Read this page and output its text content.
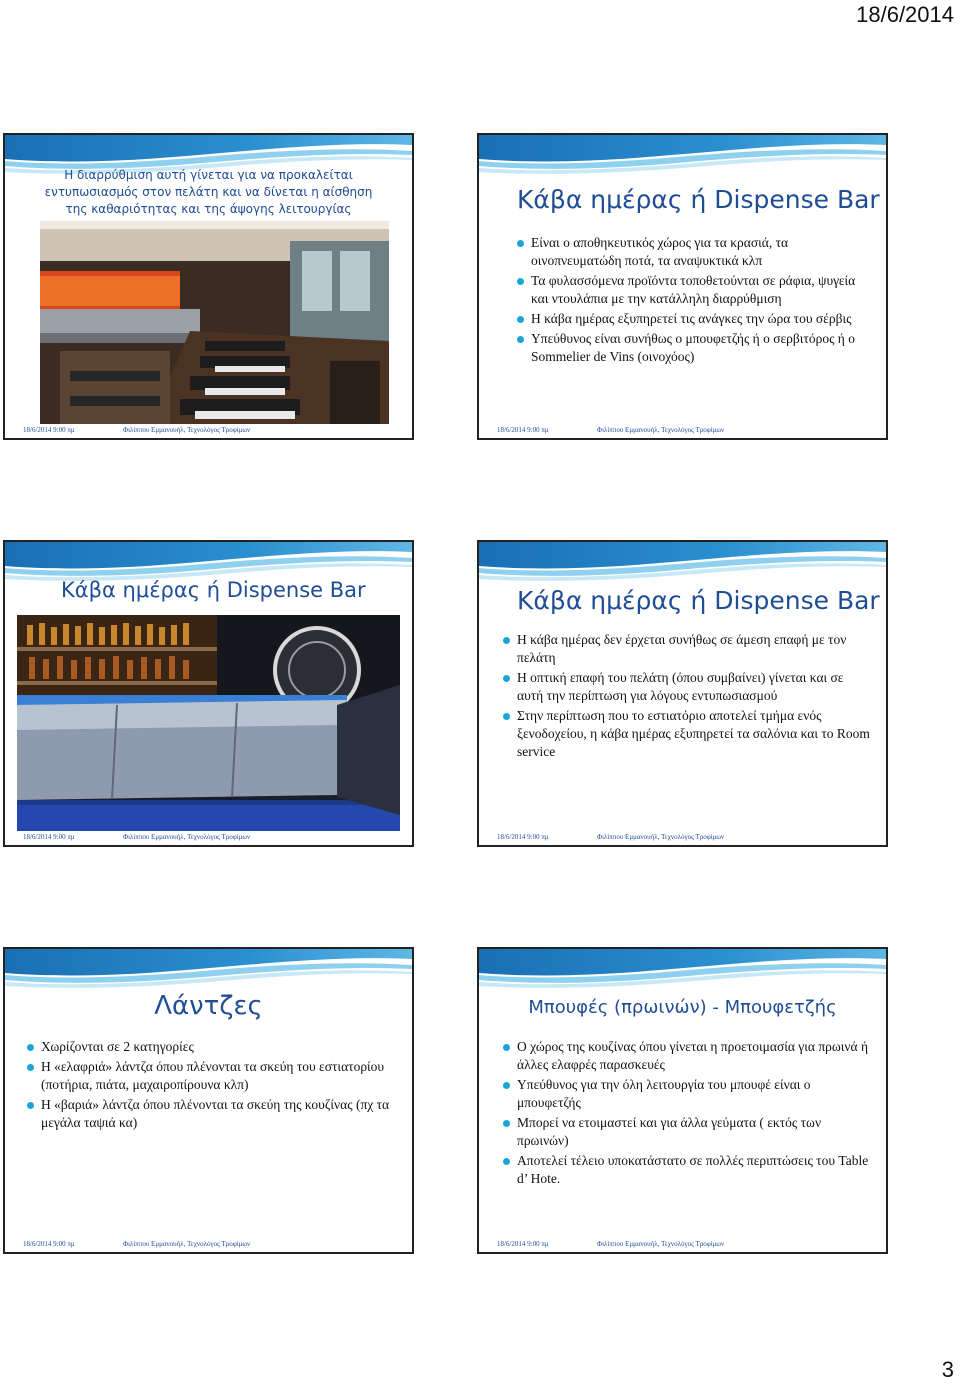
18/6/2014
Η διαρρύθμιση αυτή γίνεται για να προκαλείται εντυπωσιασμός στον πελάτη και να δίνεται η αίσθηση της καθαριότητας και της άψογης λειτουργίας
18/6/2014 9:00 πμ	Φιλίππου Εμμανουήλ, Τεχνολόγος Τροφίμων
Κάβα ημέρας ή Dispense Bar
Είναι ο αποθηκευτικός χώρος για τα κρασιά, τα οινοπνευματώδη ποτά, τα αναψυκτικά κλπ
Τα φυλασσόμενα προϊόντα τοποθετούνται σε ράφια, ψυγεία και ντουλάπια με την κατάλληλη διαρρύθμιση
Η κάβα ημέρας εξυπηρετεί τις ανάγκες την ώρα του σέρβις
Υπεύθυνος είναι συνήθως ο μπουφετζής ή ο σερβιτόρος ή ο Sommelier de Vins (οινοχόος)
18/6/2014 9:00 πμ	Φιλίππου Εμμανουήλ, Τεχνολόγος Τροφίμων
Κάβα ημέρας ή Dispense Bar
18/6/2014 9:00 πμ	Φιλίππου Εμμανουήλ, Τεχνολόγος Τροφίμων
Κάβα ημέρας ή Dispense Bar
Η κάβα ημέρας δεν έρχεται συνήθως σε άμεση επαφή με τον πελάτη
Η οπτική επαφή του πελάτη (όπου συμβαίνει) γίνεται και σε αυτή την περίπτωση για λόγους εντυπωσιασμού
Στην περίπτωση που το εστιατόριο αποτελεί τμήμα ενός ξενοδοχείου, η κάβα ημέρας εξυπηρετεί τα σαλόνια και το Room service
18/6/2014 9:00 πμ	Φιλίππου Εμμανουήλ, Τεχνολόγος Τροφίμων
Λάντζες
Χωρίζονται σε 2 κατηγορίες
Η «ελαφριά» λάντζα όπου πλένονται τα σκεύη του εστιατορίου (ποτήρια, πιάτα, μαχαιροπίρουνα κλπ)
Η «βαριά» λάντζα όπου πλένονται τα σκεύη της κουζίνας (πχ τα μεγάλα ταψιά κα)
18/6/2014 9:00 πμ	Φιλίππου Εμμανουήλ, Τεχνολόγος Τροφίμων
Μπουφές (πρωινών) - Μπουφετζής
Ο χώρος της κουζίνας όπου γίνεται η προετοιμασία για πρωινά ή άλλες ελαφρές παρασκευές
Υπεύθυνος για την όλη λειτουργία του μπουφέ είναι ο μπουφετζής
Μπορεί να ετοιμαστεί και για άλλα γεύματα ( εκτός των πρωινών)
Αποτελεί τέλειο υποκατάστατο σε πολλές περιπτώσεις του Table d’ Hote.
18/6/2014 9:00 πμ	Φιλίππου Εμμανουήλ, Τεχνολόγος Τροφίμων
3
